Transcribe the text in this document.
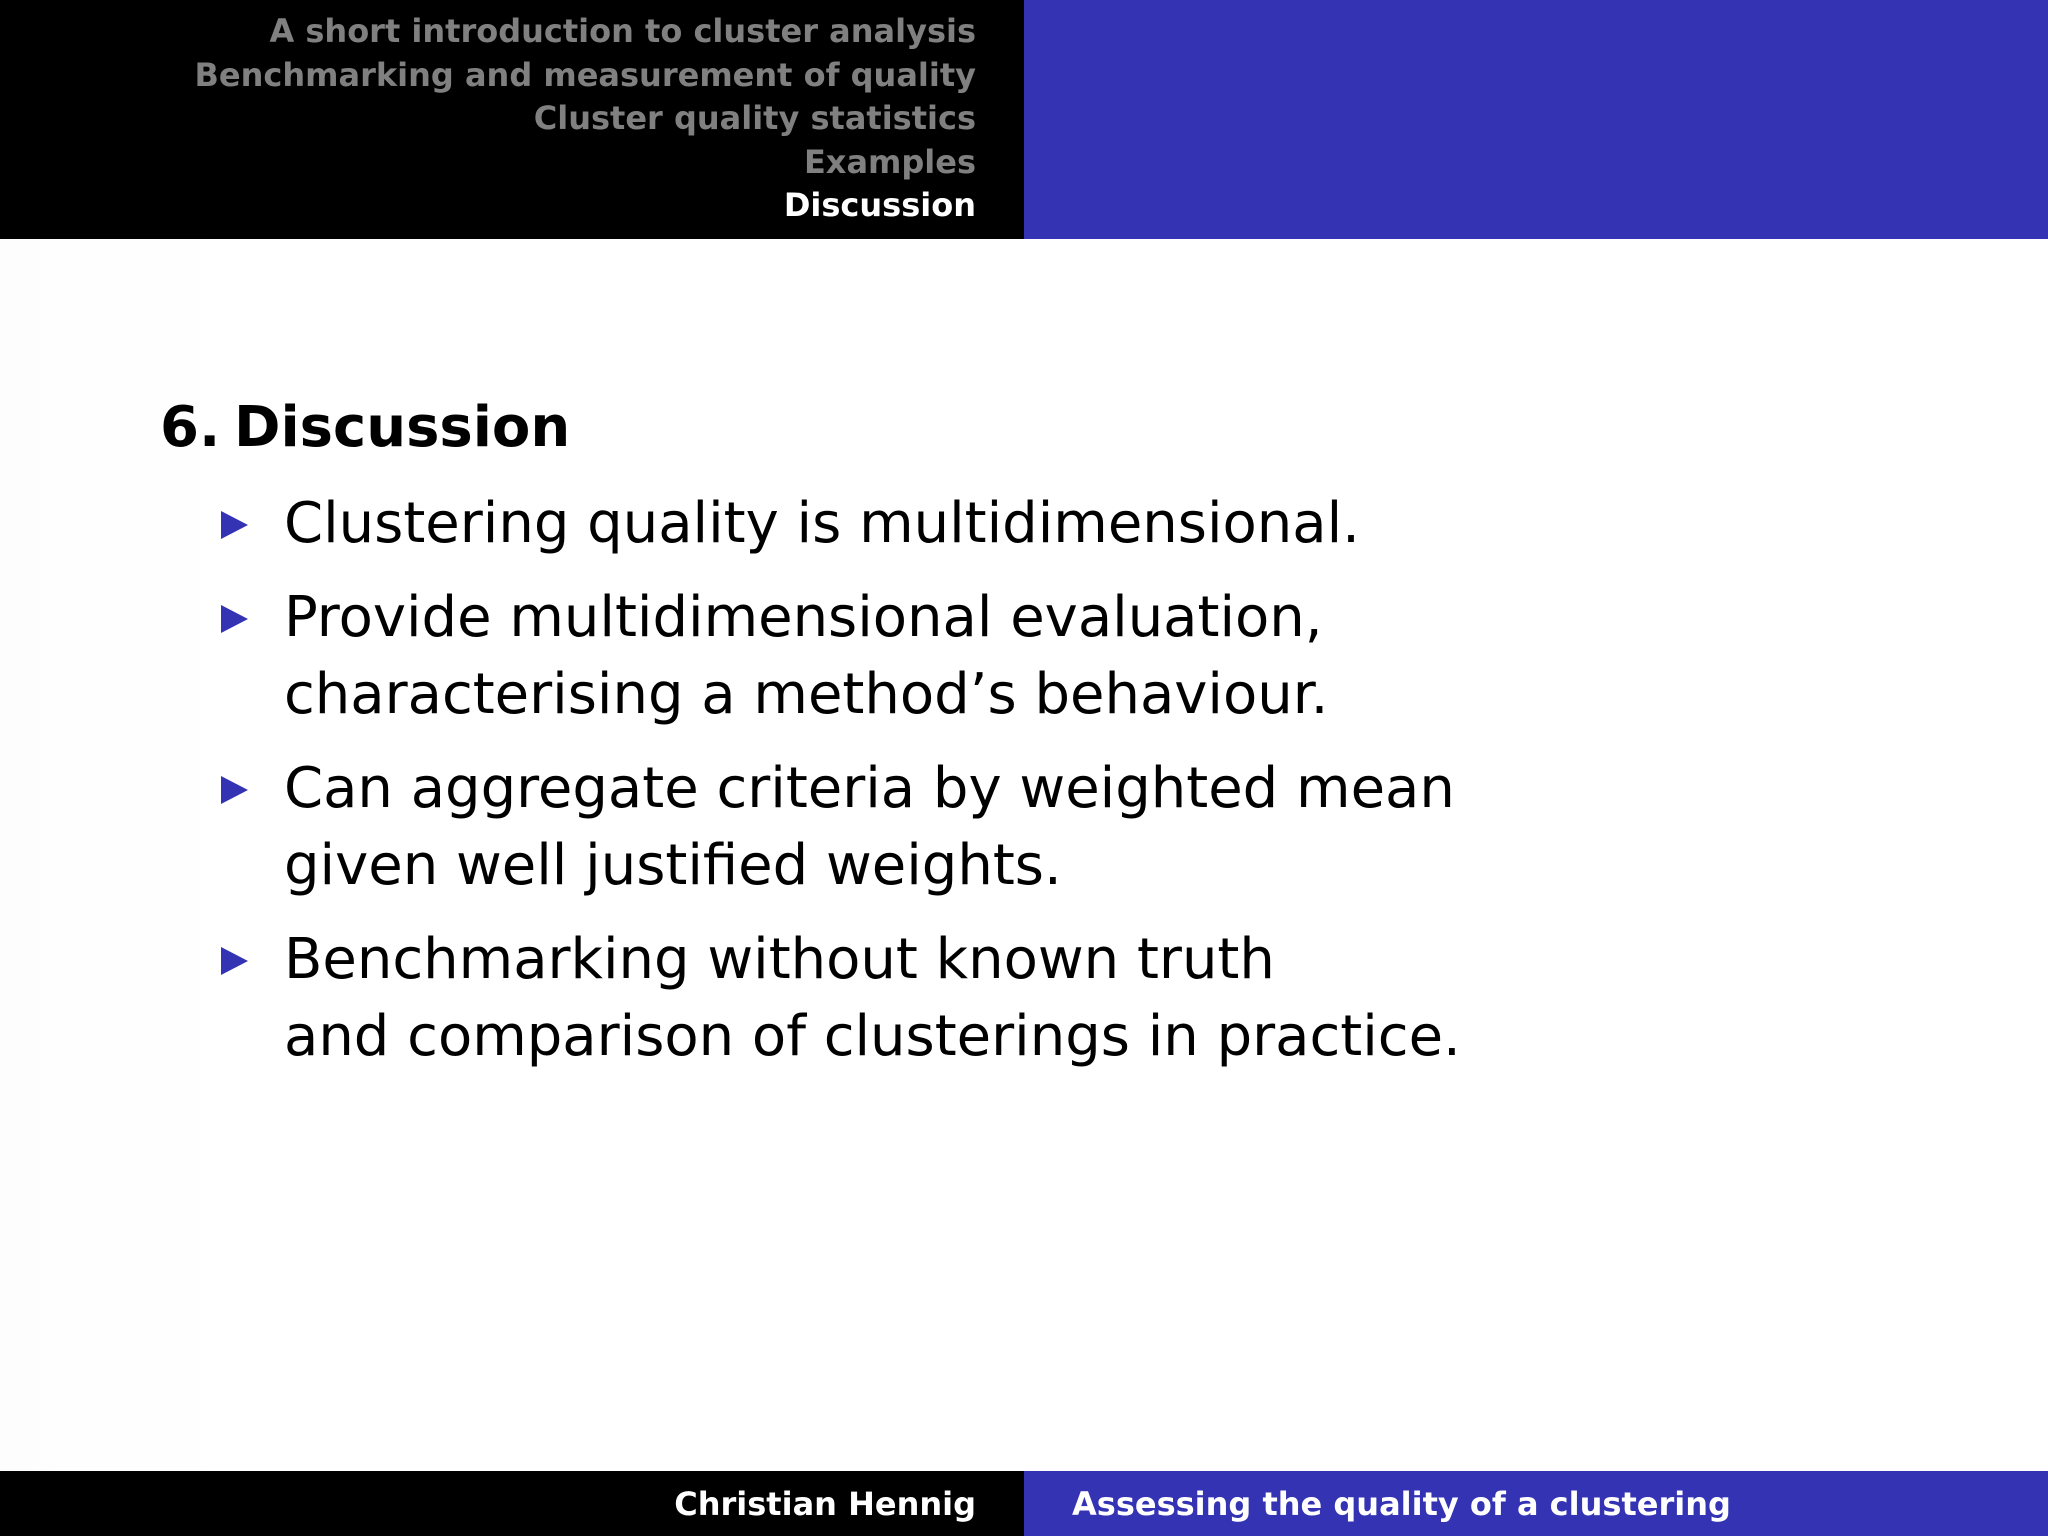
A short introduction to cluster analysis
Benchmarking and measurement of quality
Cluster quality statistics
Examples
Discussion
6. Discussion
Clustering quality is multidimensional.
Provide multidimensional evaluation,
characterising a method’s behaviour.
Can aggregate criteria by weighted mean
given well justified weights.
Benchmarking without known truth
and comparison of clusterings in practice.
Christian Hennig	Assessing the quality of a clustering
